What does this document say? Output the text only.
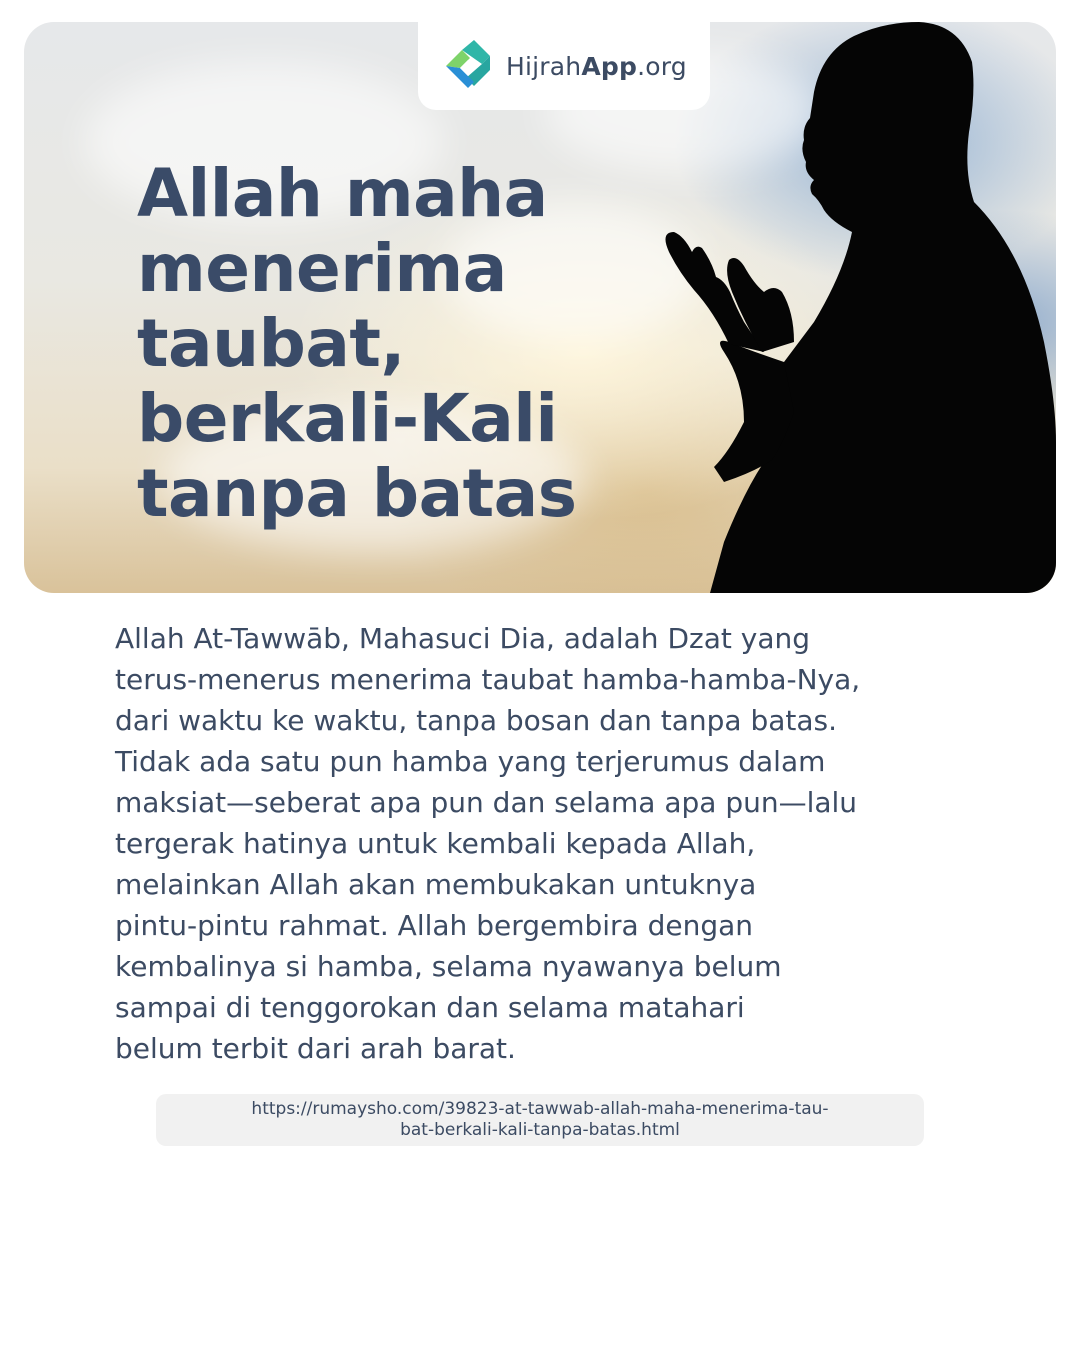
HijrahApp.org
Allah maha
menerima
taubat,
berkali-Kali
tanpa batas

Allah At-Tawwāb, Mahasuci Dia, adalah Dzat yang
terus-menerus menerima taubat hamba-hamba-Nya,
dari waktu ke waktu, tanpa bosan dan tanpa batas.
Tidak ada satu pun hamba yang terjerumus dalam
maksiat—seberat apa pun dan selama apa pun—lalu
tergerak hatinya untuk kembali kepada Allah,
melainkan Allah akan membukakan untuknya
pintu-pintu rahmat. Allah bergembira dengan
kembalinya si hamba, selama nyawanya belum
sampai di tenggorokan dan selama matahari
belum terbit dari arah barat.

https://rumaysho.com/39823-at-tawwab-allah-maha-menerima-tau-
bat-berkali-kali-tanpa-batas.html
